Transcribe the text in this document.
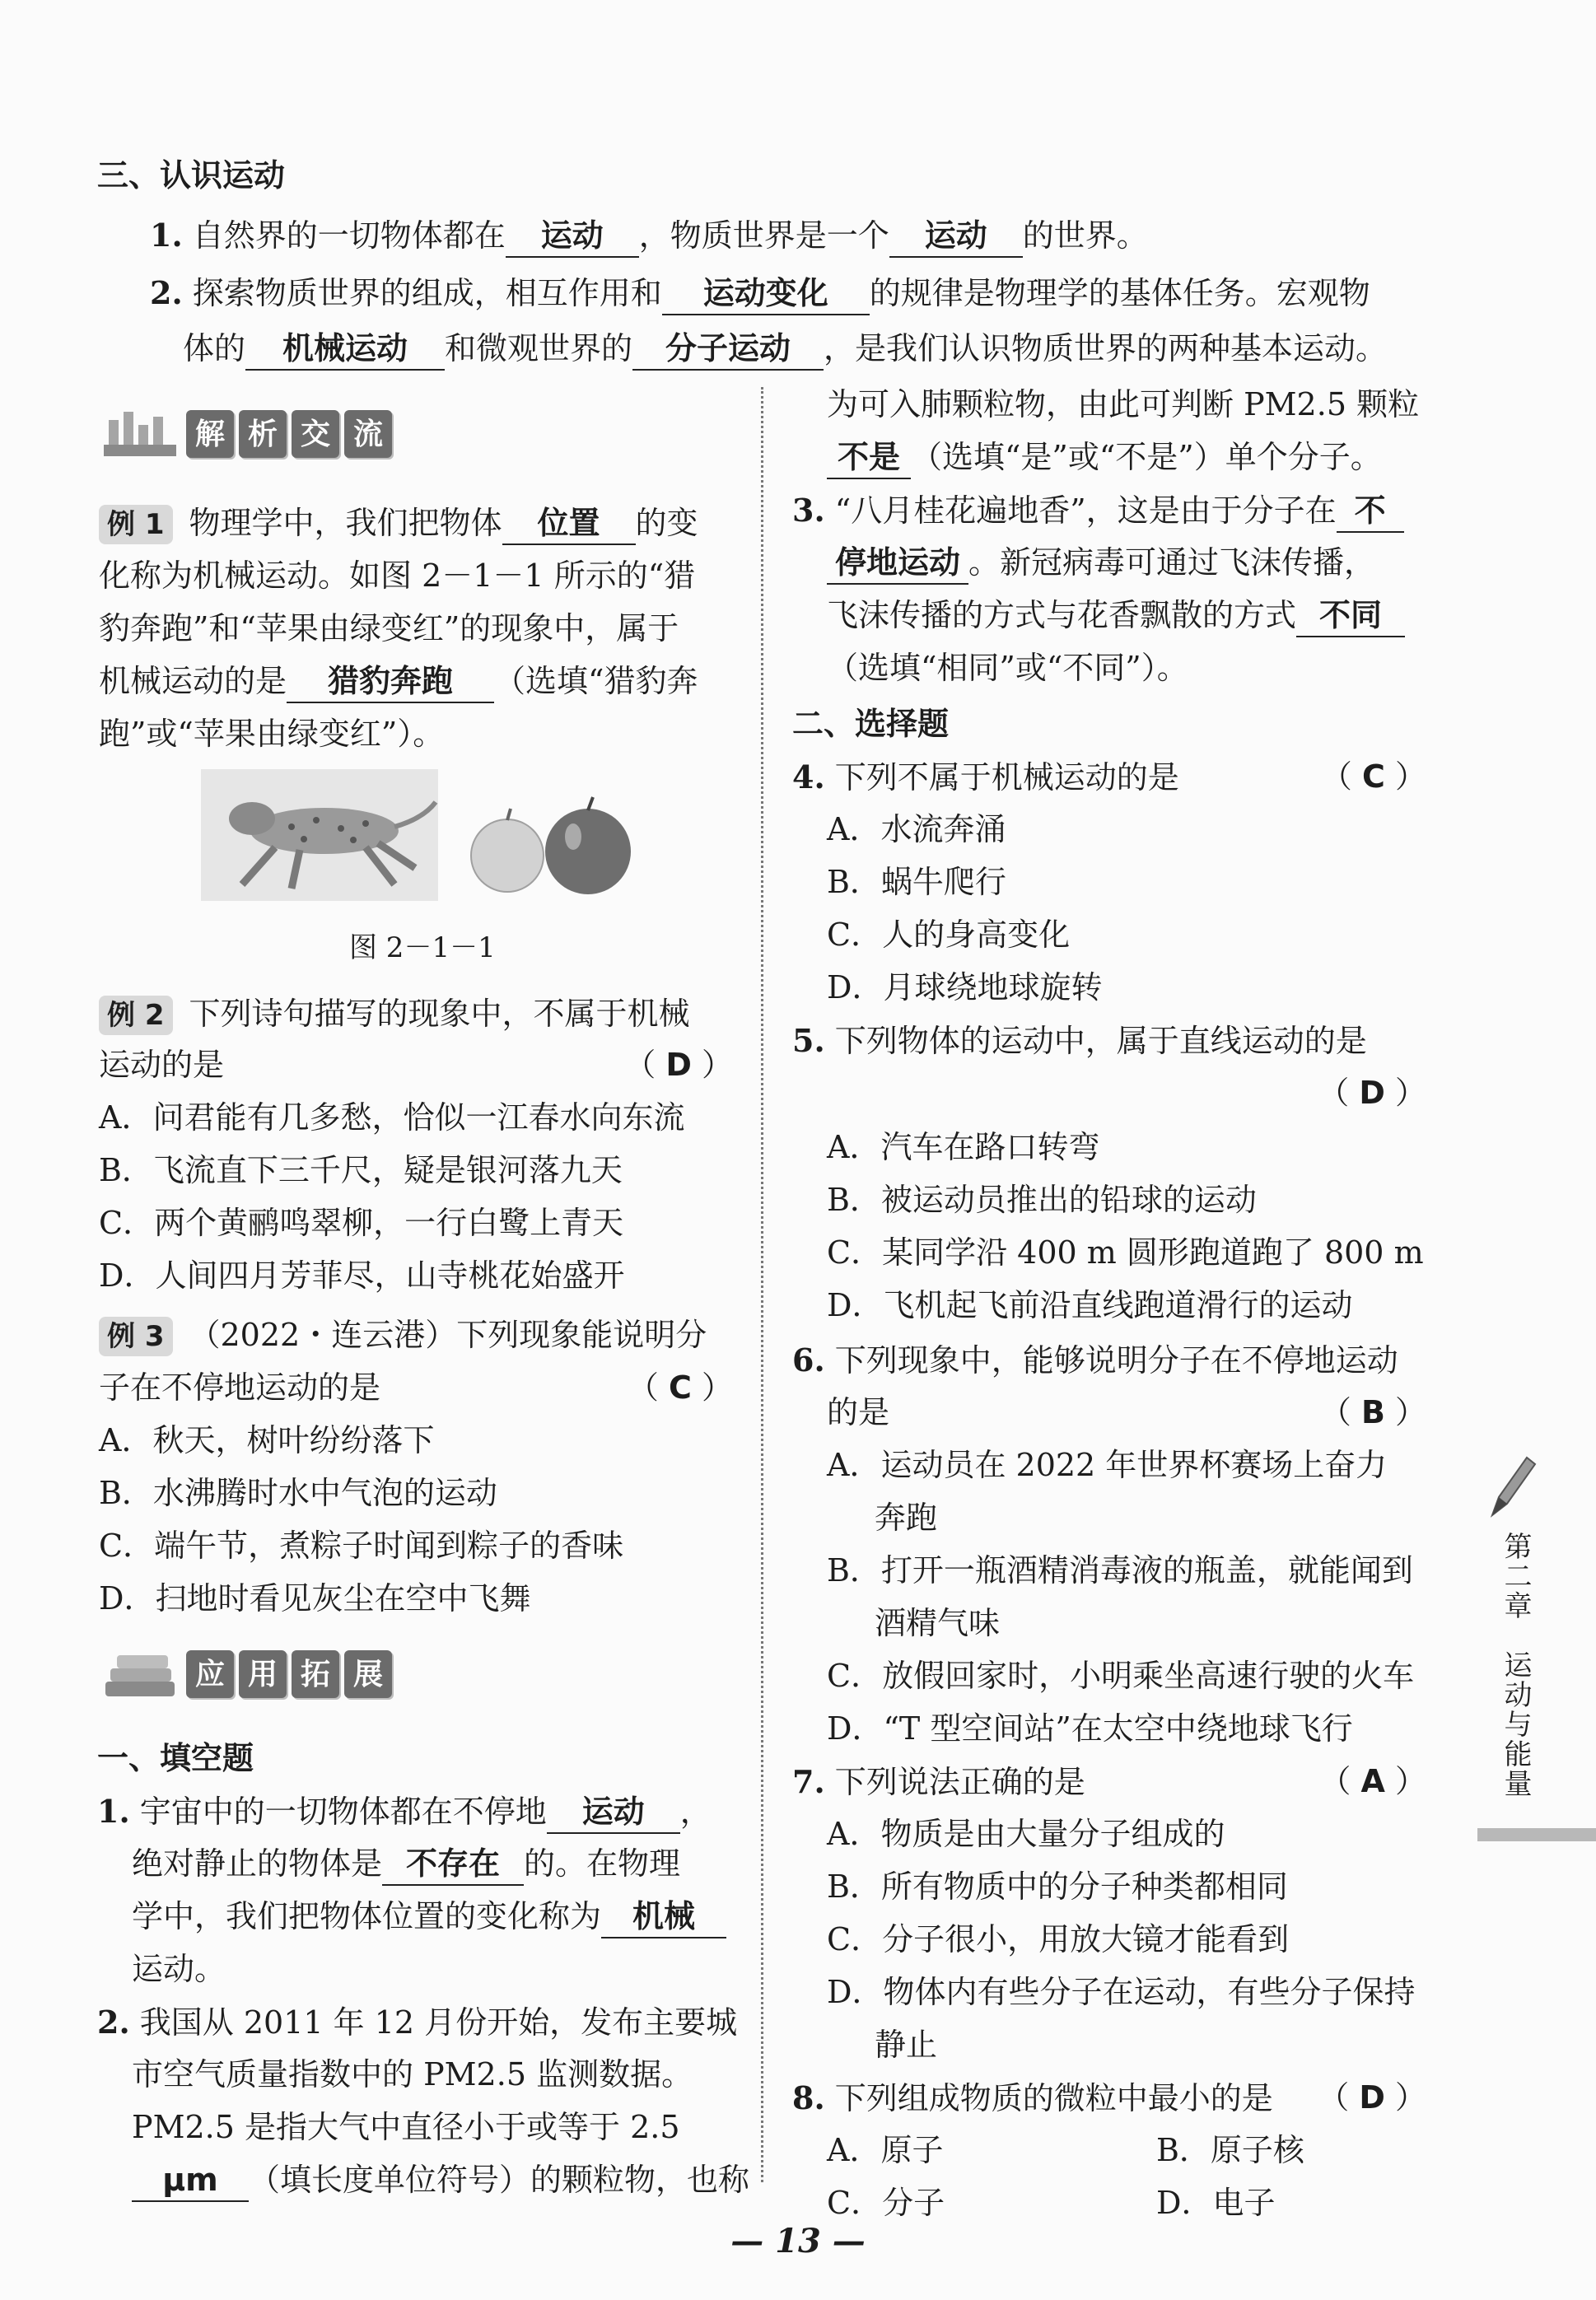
三、认识运动
1. 自然界的一切物体都在 运动 ，物质世界是一个 运动 的世界。
2. 探索物质世界的组成，相互作用和 运动变化 的规律是物理学的基体任务。宏观物
体的 机械运动 和微观世界的 分子运动 ，是我们认识物质世界的两种基本运动。
解 析 交 流
例 1 物理学中，我们把物体 位置 的变
化称为机械运动。如图 2－1－1 所示的“猎
豹奔跑”和“苹果由绿变红”的现象中，属于
机械运动的是 猎豹奔跑 （选填“猎豹奔
跑”或“苹果由绿变红”）。
图 2－1－1
例 2 下列诗句描写的现象中，不属于机械
运动的是	（ D ）
A．问君能有几多愁，恰似一江春水向东流
B．飞流直下三千尺，疑是银河落九天
C．两个黄鹂鸣翠柳，一行白鹭上青天
D．人间四月芳菲尽，山寺桃花始盛开
例 3 （2022・连云港）下列现象能说明分
子在不停地运动的是	（ C ）
A．秋天，树叶纷纷落下
B．水沸腾时水中气泡的运动
C．端午节，煮粽子时闻到粽子的香味
D．扫地时看见灰尘在空中飞舞
应 用 拓 展
一、填空题
1. 宇宙中的一切物体都在不停地 运动 ，
绝对静止的物体是 不存在 的。在物理
学中，我们把物体位置的变化称为 机械
运动。
2. 我国从 2011 年 12 月份开始，发布主要城
市空气质量指数中的 PM2.5 监测数据。
PM2.5 是指大气中直径小于或等于 2.5
μm （填长度单位符号）的颗粒物，也称
为可入肺颗粒物，由此可判断 PM2.5 颗粒
不是 （选填“是”或“不是”）单个分子。
3. “八月桂花遍地香”，这是由于分子在 不
停地运动 。新冠病毒可通过飞沫传播，
飞沫传播的方式与花香飘散的方式 不同
（选填“相同”或“不同”）。
二、选择题
4. 下列不属于机械运动的是	（ C ）
A．水流奔涌
B．蜗牛爬行
C．人的身高变化
D．月球绕地球旋转
5. 下列物体的运动中，属于直线运动的是
（ D ）
A．汽车在路口转弯
B．被运动员推出的铅球的运动
C．某同学沿 400 m 圆形跑道跑了 800 m
D．飞机起飞前沿直线跑道滑行的运动
6. 下列现象中，能够说明分子在不停地运动
的是	（ B ）
A．运动员在 2022 年世界杯赛场上奋力
奔跑
B．打开一瓶酒精消毒液的瓶盖，就能闻到
酒精气味
C．放假回家时，小明乘坐高速行驶的火车
D．“T 型空间站”在太空中绕地球飞行
7. 下列说法正确的是	（ A ）
A．物质是由大量分子组成的
B．所有物质中的分子种类都相同
C．分子很小，用放大镜才能看到
D．物体内有些分子在运动，有些分子保持
静止
8. 下列组成物质的微粒中最小的是 （ D ）
A．原子	B．原子核
C．分子	D．电子
第二章　运动与能量
— 13 —
